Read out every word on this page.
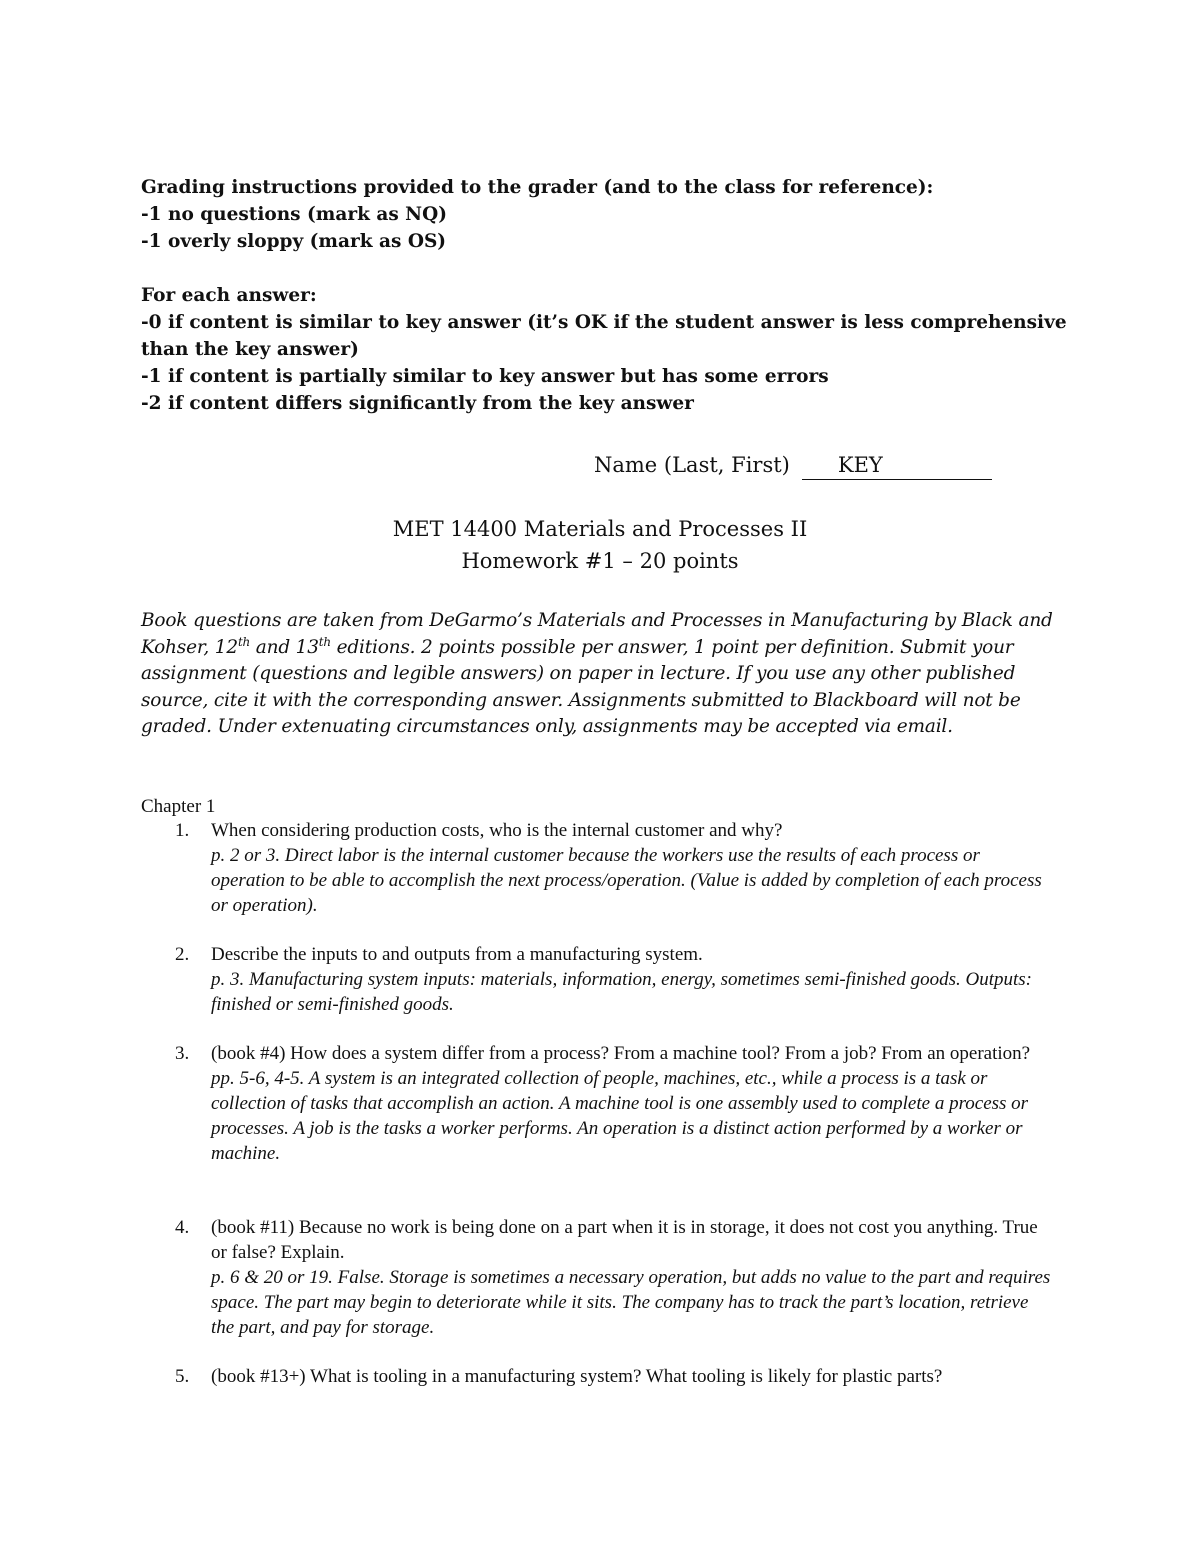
Grading instructions provided to the grader (and to the class for reference):
-1 no questions (mark as NQ)
-1 overly sloppy (mark as OS)
For each answer:
-0 if content is similar to key answer (it’s OK if the student answer is less comprehensive
than the key answer)
-1 if content is partially similar to key answer but has some errors
-2 if content differs significantly from the key answer
Name (Last, First) KEY
MET 14400 Materials and Processes II
Homework #1 – 20 points
Book questions are taken from DeGarmo’s Materials and Processes in Manufacturing by Black and Kohser, 12th and 13th editions. 2 points possible per answer, 1 point per definition. Submit your assignment (questions and legible answers) on paper in lecture. If you use any other published source, cite it with the corresponding answer. Assignments submitted to Blackboard will not be graded. Under extenuating circumstances only, assignments may be accepted via email.
Chapter 1
1.	When considering production costs, who is the internal customer and why?
p. 2 or 3. Direct labor is the internal customer because the workers use the results of each process or operation to be able to accomplish the next process/operation. (Value is added by completion of each process or operation).
2.	Describe the inputs to and outputs from a manufacturing system.
p. 3. Manufacturing system inputs: materials, information, energy, sometimes semi-finished goods. Outputs: finished or semi-finished goods.
3.	(book #4) How does a system differ from a process? From a machine tool? From a job? From an operation?
pp. 5-6, 4-5. A system is an integrated collection of people, machines, etc., while a process is a task or collection of tasks that accomplish an action. A machine tool is one assembly used to complete a process or processes. A job is the tasks a worker performs. An operation is a distinct action performed by a worker or machine.
4.	(book #11) Because no work is being done on a part when it is in storage, it does not cost you anything. True or false? Explain.
p. 6 & 20 or 19. False. Storage is sometimes a necessary operation, but adds no value to the part and requires space. The part may begin to deteriorate while it sits. The company has to track the part’s location, retrieve the part, and pay for storage.
5.	(book #13+) What is tooling in a manufacturing system? What tooling is likely for plastic parts?
